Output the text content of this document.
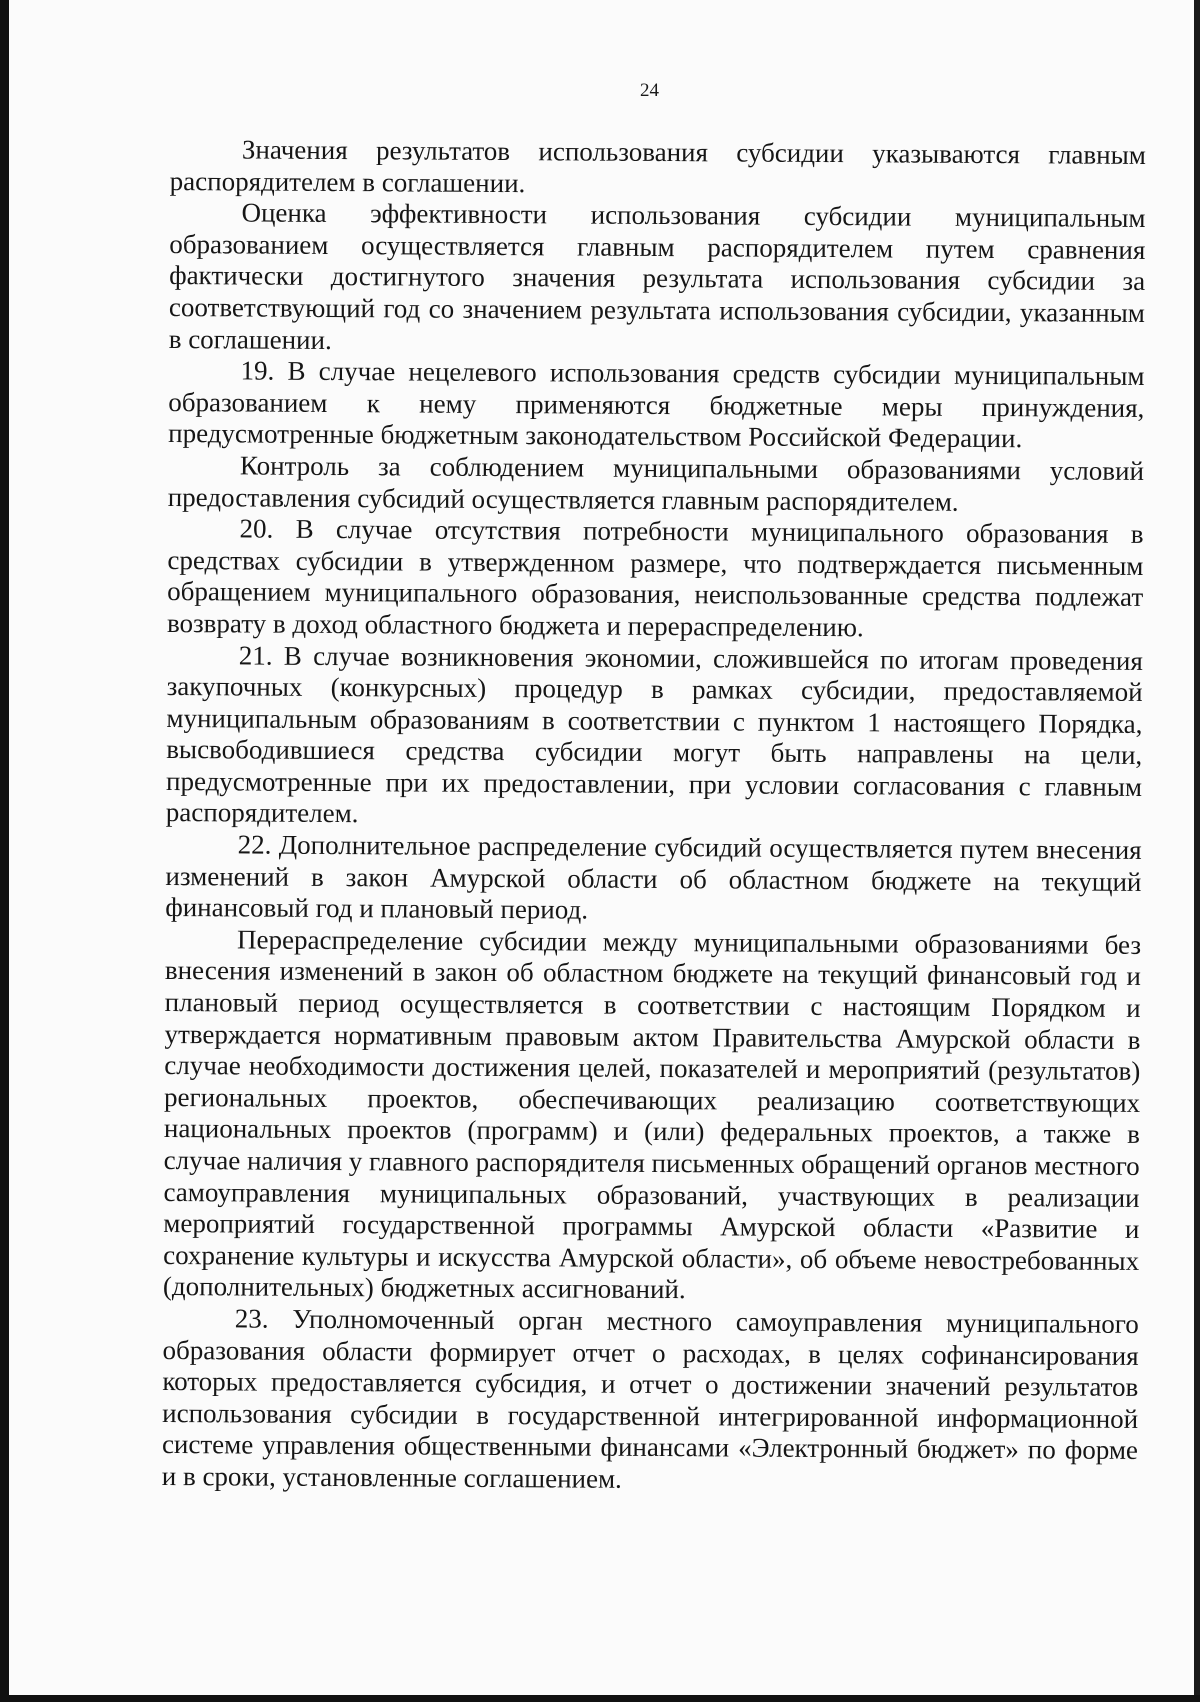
24

Значения результатов использования субсидии указываются главным распорядителем в соглашении.

Оценка эффективности использования субсидии муниципальным образованием осуществляется главным распорядителем путем сравнения фактически достигнутого значения результата использования субсидии за соответствующий год со значением результата использования субсидии, указанным в соглашении.

19. В случае нецелевого использования средств субсидии муниципальным образованием к нему применяются бюджетные меры принуждения, предусмотренные бюджетным законодательством Российской Федерации.

Контроль за соблюдением муниципальными образованиями условий предоставления субсидий осуществляется главным распорядителем.

20. В случае отсутствия потребности муниципального образования в средствах субсидии в утвержденном размере, что подтверждается письменным обращением муниципального образования, неиспользованные средства подлежат возврату в доход областного бюджета и перераспределению.

21. В случае возникновения экономии, сложившейся по итогам проведения закупочных (конкурсных) процедур в рамках субсидии, предоставляемой муниципальным образованиям в соответствии с пунктом 1 настоящего Порядка, высвободившиеся средства субсидии могут быть направлены на цели, предусмотренные при их предоставлении, при условии согласования с главным распорядителем.

22. Дополнительное распределение субсидий осуществляется путем внесения изменений в закон Амурской области об областном бюджете на текущий финансовый год и плановый период.

Перераспределение субсидии между муниципальными образованиями без внесения изменений в закон об областном бюджете на текущий финансовый год и плановый период осуществляется в соответствии с настоящим Порядком и утверждается нормативным правовым актом Правительства Амурской области в случае необходимости достижения целей, показателей и мероприятий (результатов) региональных проектов, обеспечивающих реализацию соответствующих национальных проектов (программ) и (или) федеральных проектов, а также в случае наличия у главного распорядителя письменных обращений органов местного самоуправления муниципальных образований, участвующих в реализации мероприятий государственной программы Амурской области «Развитие и сохранение культуры и искусства Амурской области», об объеме невостребованных (дополнительных) бюджетных ассигнований.

23. Уполномоченный орган местного самоуправления муниципального образования области формирует отчет о расходах, в целях софинансирования которых предоставляется субсидия, и отчет о достижении значений результатов использования субсидии в государственной интегрированной информационной системе управления общественными финансами «Электронный бюджет» по форме и в сроки, установленные соглашением.
